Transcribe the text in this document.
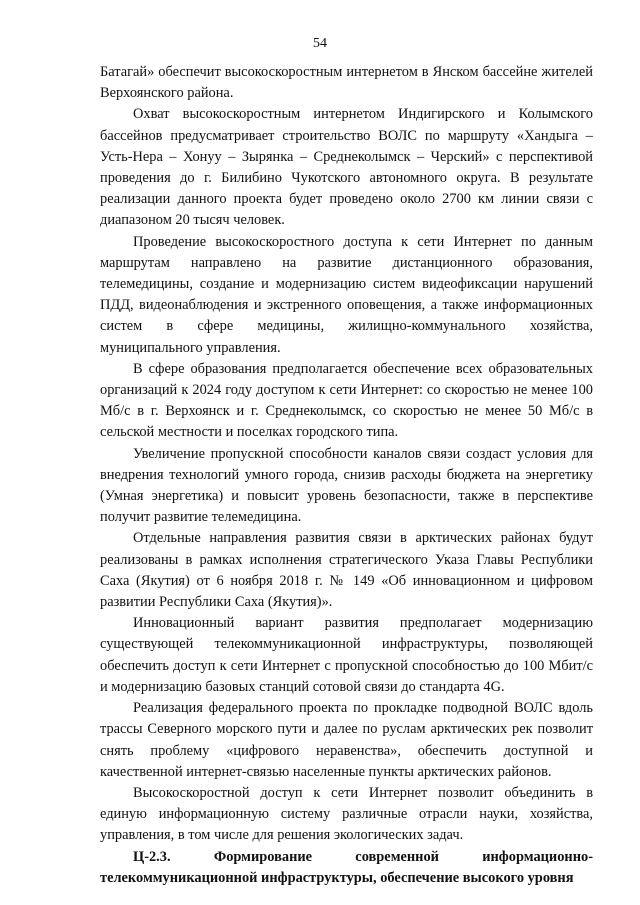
54

Батагай» обеспечит высокоскоростным интернетом в Янском бассейне жителей Верхоянского района.

Охват высокоскоростным интернетом Индигирского и Колымского бассейнов предусматривает строительство ВОЛС по маршруту «Хандыга – Усть-Нера – Хонуу – Зырянка – Среднеколымск – Черский» с перспективой проведения до г. Билибино Чукотского автономного округа. В результате реализации данного проекта будет проведено около 2700 км линии связи с диапазоном 20 тысяч человек.

Проведение высокоскоростного доступа к сети Интернет по данным маршрутам направлено на развитие дистанционного образования, телемедицины, создание и модернизацию систем видеофиксации нарушений ПДД, видеонаблюдения и экстренного оповещения, а также информационных систем в сфере медицины, жилищно-коммунального хозяйства, муниципального управления.

В сфере образования предполагается обеспечение всех образовательных организаций к 2024 году доступом к сети Интернет: со скоростью не менее 100 Мб/с в г. Верхоянск и г. Среднеколымск, со скоростью не менее 50 Мб/с в сельской местности и поселках городского типа.

Увеличение пропускной способности каналов связи создаст условия для внедрения технологий умного города, снизив расходы бюджета на энергетику (Умная энергетика) и повысит уровень безопасности, также в перспективе получит развитие телемедицина.

Отдельные направления развития связи в арктических районах будут реализованы в рамках исполнения стратегического Указа Главы Республики Саха (Якутия) от 6 ноября 2018 г. № 149 «Об инновационном и цифровом развитии Республики Саха (Якутия)».

Инновационный вариант развития предполагает модернизацию существующей телекоммуникационной инфраструктуры, позволяющей обеспечить доступ к сети Интернет с пропускной способностью до 100 Мбит/с и модернизацию базовых станций сотовой связи до стандарта 4G.

Реализация федерального проекта по прокладке подводной ВОЛС вдоль трассы Северного морского пути и далее по руслам арктических рек позволит снять проблему «цифрового неравенства», обеспечить доступной и качественной интернет-связью населенные пункты арктических районов.

Высокоскоростной доступ к сети Интернет позволит объединить в единую информационную систему различные отрасли науки, хозяйства, управления, в том числе для решения экологических задач.

Ц-2.3. Формирование современной информационно-телекоммуникационной инфраструктуры, обеспечение высокого уровня
